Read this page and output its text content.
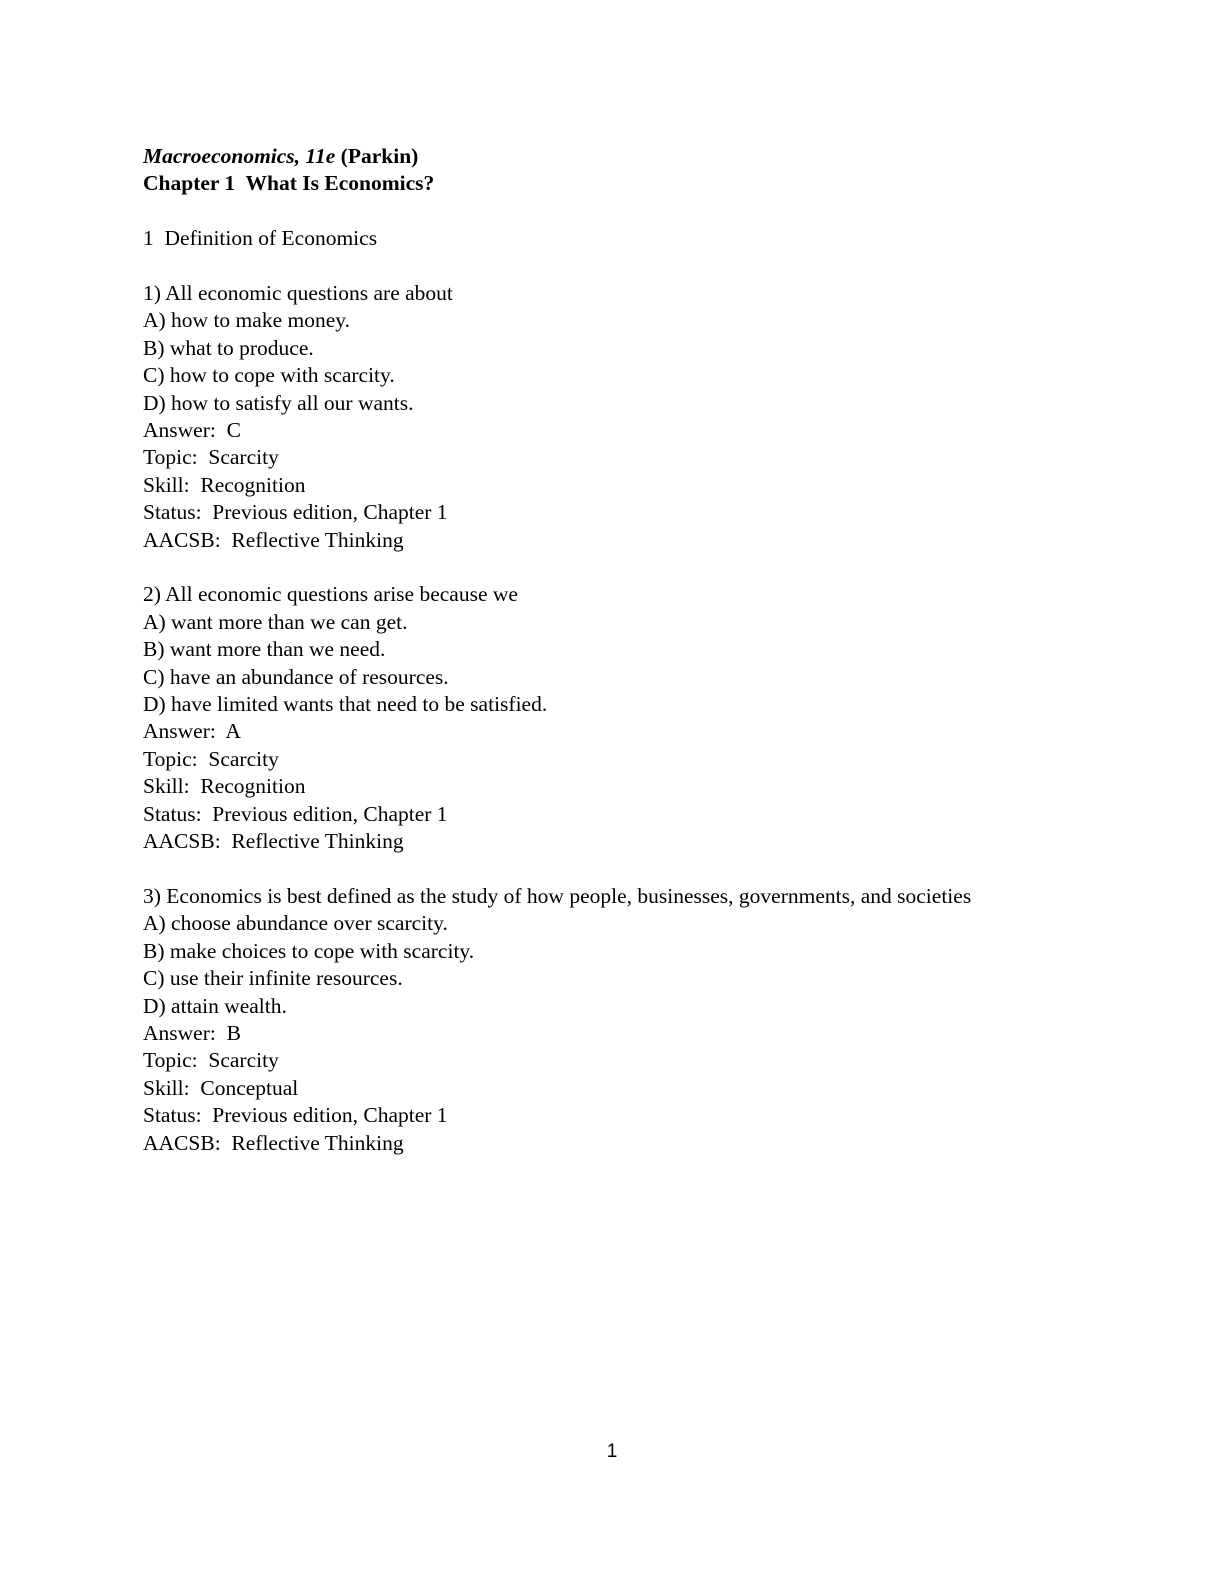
Macroeconomics, 11e (Parkin)
Chapter 1  What Is Economics?
1  Definition of Economics
1) All economic questions are about
A) how to make money.
B) what to produce.
C) how to cope with scarcity.
D) how to satisfy all our wants.
Answer:  C
Topic:  Scarcity
Skill:  Recognition
Status:  Previous edition, Chapter 1
AACSB:  Reflective Thinking
2) All economic questions arise because we
A) want more than we can get.
B) want more than we need.
C) have an abundance of resources.
D) have limited wants that need to be satisfied.
Answer:  A
Topic:  Scarcity
Skill:  Recognition
Status:  Previous edition, Chapter 1
AACSB:  Reflective Thinking
3) Economics is best defined as the study of how people, businesses, governments, and societies
A) choose abundance over scarcity.
B) make choices to cope with scarcity.
C) use their infinite resources.
D) attain wealth.
Answer:  B
Topic:  Scarcity
Skill:  Conceptual
Status:  Previous edition, Chapter 1
AACSB:  Reflective Thinking
1
